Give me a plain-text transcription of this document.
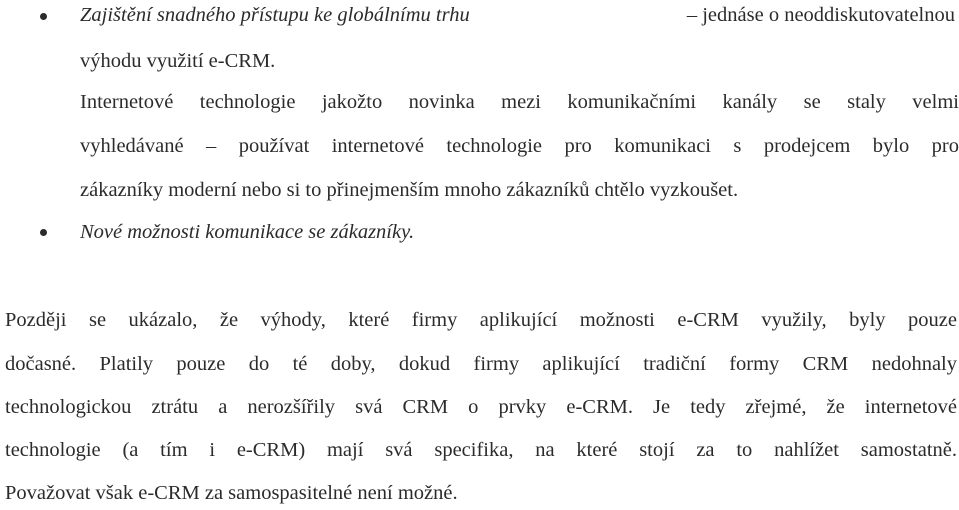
Zajištění snadného přístupu ke globálnímu trhu	– jednáse o neoddiskutovatelnou
výhodu využití e-CRM.
Internetové technologie jakožto novinka mezi komunikačními kanály se staly velmi
vyhledávané – používat internetové technologie pro komunikaci s prodejcem bylo pro
zákazníky moderní nebo si to přinejmenším mnoho zákazníků chtělo vyzkoušet.
Nové možnosti komunikace se zákazníky.
Později se ukázalo, že výhody, které firmy aplikující možnosti e-CRM využily, byly pouze
dočasné. Platily pouze do té doby, dokud firmy aplikující tradiční formy CRM nedohnaly
technologickou ztrátu a nerozšířily svá CRM o prvky e-CRM. Je tedy zřejmé, že internetové
technologie (a tím i e-CRM) mají svá specifika, na které stojí za to nahlížet samostatně.
Považovat však e-CRM za samospasitelné není možné.
